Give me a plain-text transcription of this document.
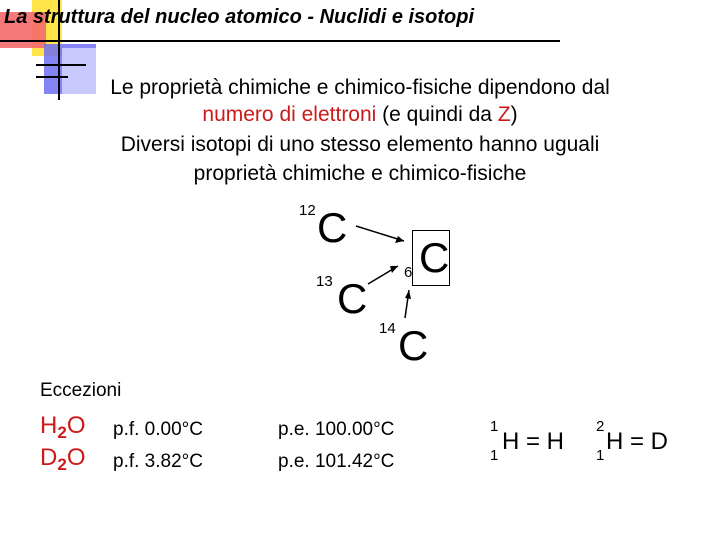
La struttura del nucleo atomico - Nuclidi e isotopi
Le proprietà chimiche e chimico-fisiche dipendono dal
numero di elettroni (e quindi da Z)
Diversi isotopi di uno stesso elemento hanno uguali
proprietà chimiche e chimico-fisiche
12 C
13 C
14 C
6 C
Eccezioni
$H_2O$ p.f. 0.00°C	p.e. 100.00°C
$D_2O$ p.f. 3.82°C	p.e. 101.42°C
1
1
H = H
2
1
H = D
